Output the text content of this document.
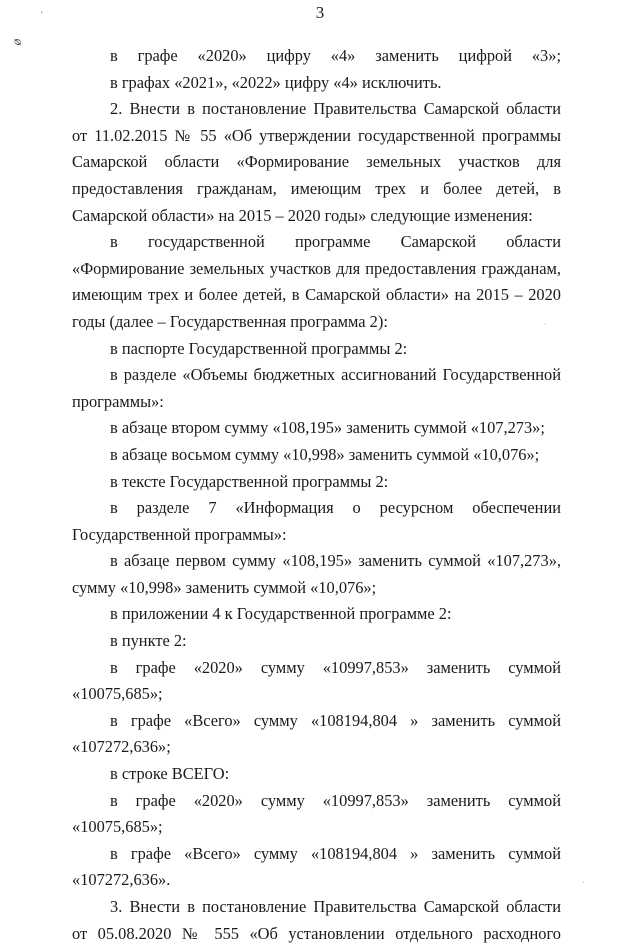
3
ᴓ
'

в графе «2020» цифру «4» заменить цифрой «3»;

в графах «2021», «2022» цифру «4» исключить.

2. Внести в постановление Правительства Самарской области от 11.02.2015 № 55 «Об утверждении государственной программы Самарской области «Формирование земельных участков для предоставления гражданам, имеющим трех и более детей, в Самарской области» на 2015 – 2020 годы» следующие изменения:

в государственной программе Самарской области «Формирование земельных участков для предоставления гражданам, имеющим трех и более детей, в Самарской области» на 2015 – 2020 годы (далее – Государственная программа 2):

в паспорте Государственной программы 2:

в разделе «Объемы бюджетных ассигнований Государственной программы»:

в абзаце втором сумму «108,195» заменить суммой «107,273»;

в абзаце восьмом сумму «10,998» заменить суммой «10,076»;

в тексте Государственной программы 2:

в разделе 7 «Информация о ресурсном обеспечении Государственной программы»:

в абзаце первом сумму «108,195» заменить суммой «107,273», сумму «10,998» заменить суммой «10,076»;

в приложении 4 к Государственной программе 2:

в пункте 2:

в графе «2020» сумму «10997,853» заменить суммой «10075,685»;

в графе «Всего» сумму «108194,804 » заменить суммой «107272,636»;

в строке ВСЕГО:

в графе «2020» сумму «10997,853» заменить суммой «10075,685»;

в графе «Всего» сумму «108194,804 » заменить суммой «107272,636».

3. Внести в постановление Правительства Самарской области от 05.08.2020 № 555 «Об установлении отдельного расходного

·
·
